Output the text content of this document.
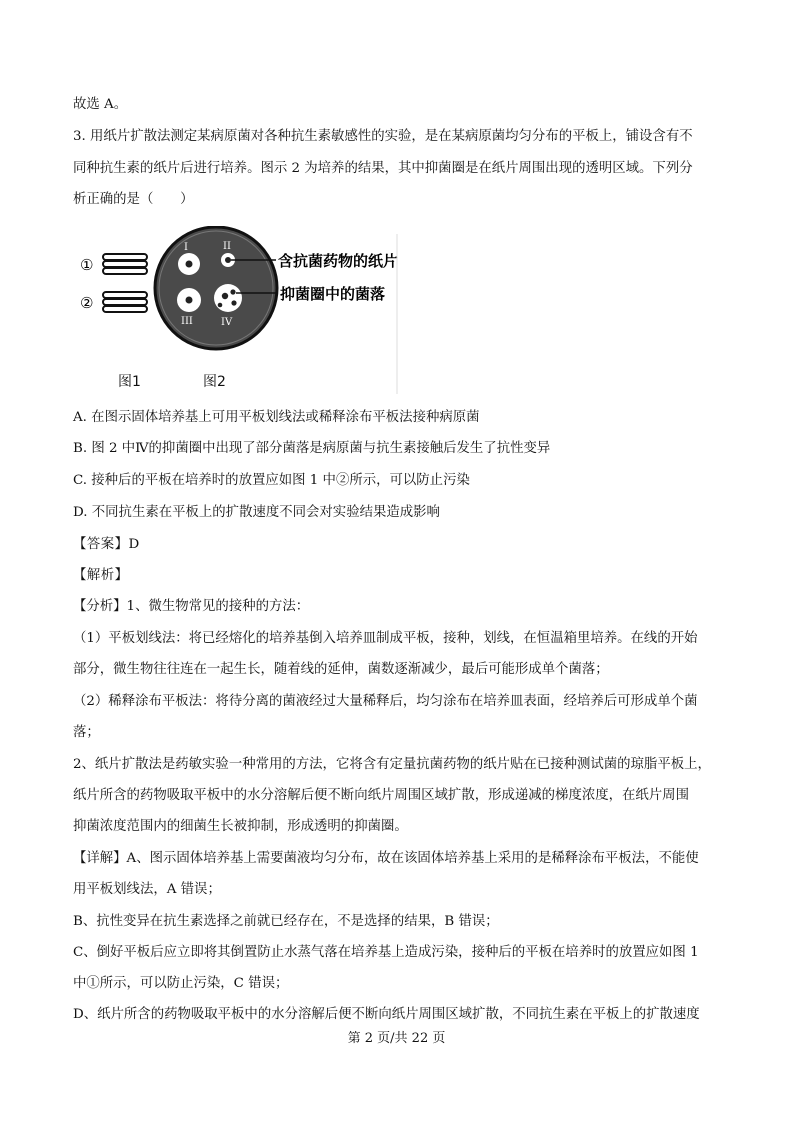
故选 A。
3. 用纸片扩散法测定某病原菌对各种抗生素敏感性的实验，是在某病原菌均匀分布的平板上，铺设含有不
同种抗生素的纸片后进行培养。图示 2 为培养的结果，其中抑菌圈是在纸片周围出现的透明区域。下列分
析正确的是（　　）
①
②
I	II
III	IV
含抗菌药物的纸片
抑菌圈中的菌落
图1	图2
A. 在图示固体培养基上可用平板划线法或稀释涂布平板法接种病原菌
B. 图 2 中Ⅳ的抑菌圈中出现了部分菌落是病原菌与抗生素接触后发生了抗性变异
C. 接种后的平板在培养时的放置应如图 1 中②所示，可以防止污染
D. 不同抗生素在平板上的扩散速度不同会对实验结果造成影响
【答案】D
【解析】
【分析】1、微生物常见的接种的方法：
（1）平板划线法：将已经熔化的培养基倒入培养皿制成平板，接种，划线，在恒温箱里培养。在线的开始
部分，微生物往往连在一起生长，随着线的延伸，菌数逐渐减少，最后可能形成单个菌落；
（2）稀释涂布平板法：将待分离的菌液经过大量稀释后，均匀涂布在培养皿表面，经培养后可形成单个菌
落；
2、纸片扩散法是药敏实验一种常用的方法，它将含有定量抗菌药物的纸片贴在已接种测试菌的琼脂平板上，
纸片所含的药物吸取平板中的水分溶解后便不断向纸片周围区域扩散，形成递减的梯度浓度，在纸片周围
抑菌浓度范围内的细菌生长被抑制，形成透明的抑菌圈。
【详解】A、图示固体培养基上需要菌液均匀分布，故在该固体培养基上采用的是稀释涂布平板法，不能使
用平板划线法，A 错误；
B、抗性变异在抗生素选择之前就已经存在，不是选择的结果，B 错误；
C、倒好平板后应立即将其倒置防止水蒸气落在培养基上造成污染，接种后的平板在培养时的放置应如图 1
中①所示，可以防止污染，C 错误；
D、纸片所含的药物吸取平板中的水分溶解后便不断向纸片周围区域扩散，不同抗生素在平板上的扩散速度
第 2 页/共 22 页
